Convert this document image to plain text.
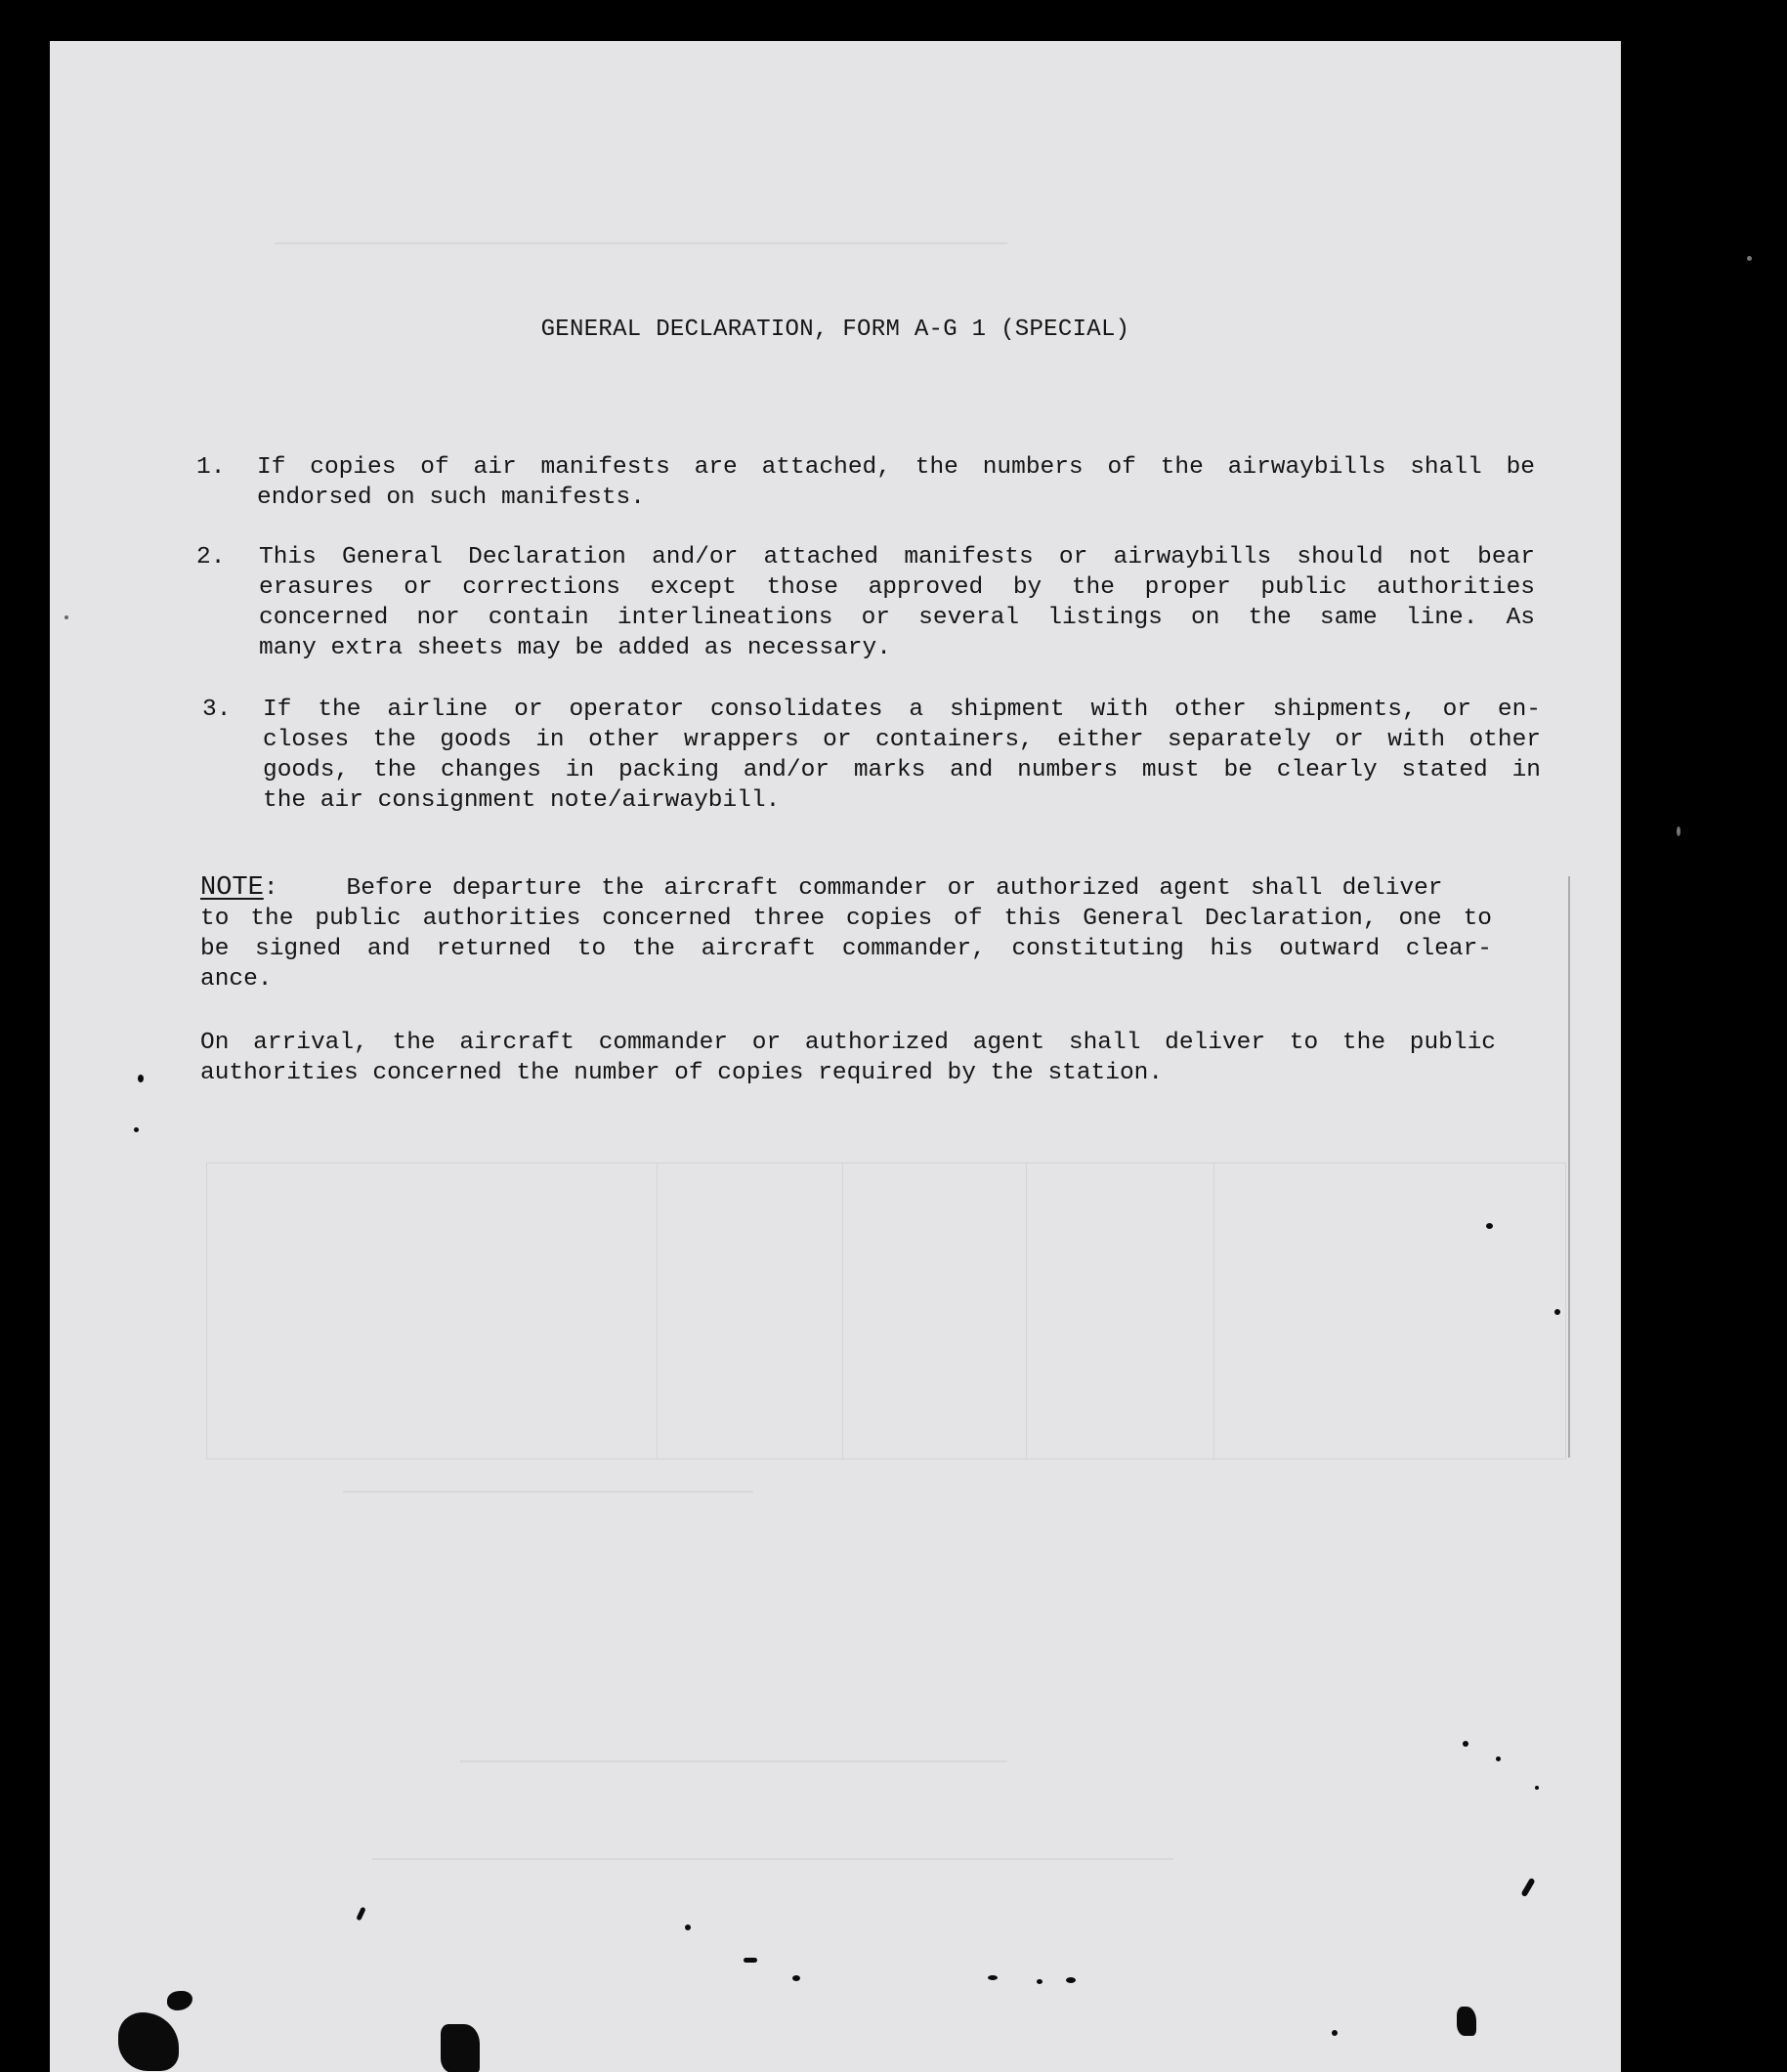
GENERAL DECLARATION, FORM A-G 1 (SPECIAL)
1. If copies of air manifests are attached, the numbers of the airwaybills shall be
endorsed on such manifests.
2. This General Declaration and/or attached manifests or airwaybills should not bear
erasures or corrections except those approved by the proper public authorities
concerned nor contain interlineations or several listings on the same line. As
many extra sheets may be added as necessary.
3. If the airline or operator consolidates a shipment with other shipments, or en-
closes the goods in other wrappers or containers, either separately or with other
goods, the changes in packing and/or marks and numbers must be clearly stated in
the air consignment note/airwaybill.
NOTE:	Before departure the aircraft commander or authorized agent shall deliver
to the public authorities concerned three copies of this General Declaration, one to
be signed and returned to the aircraft commander, constituting his outward clear-
ance.
On arrival, the aircraft commander or authorized agent shall deliver to the public
authorities concerned the number of copies required by the station.
